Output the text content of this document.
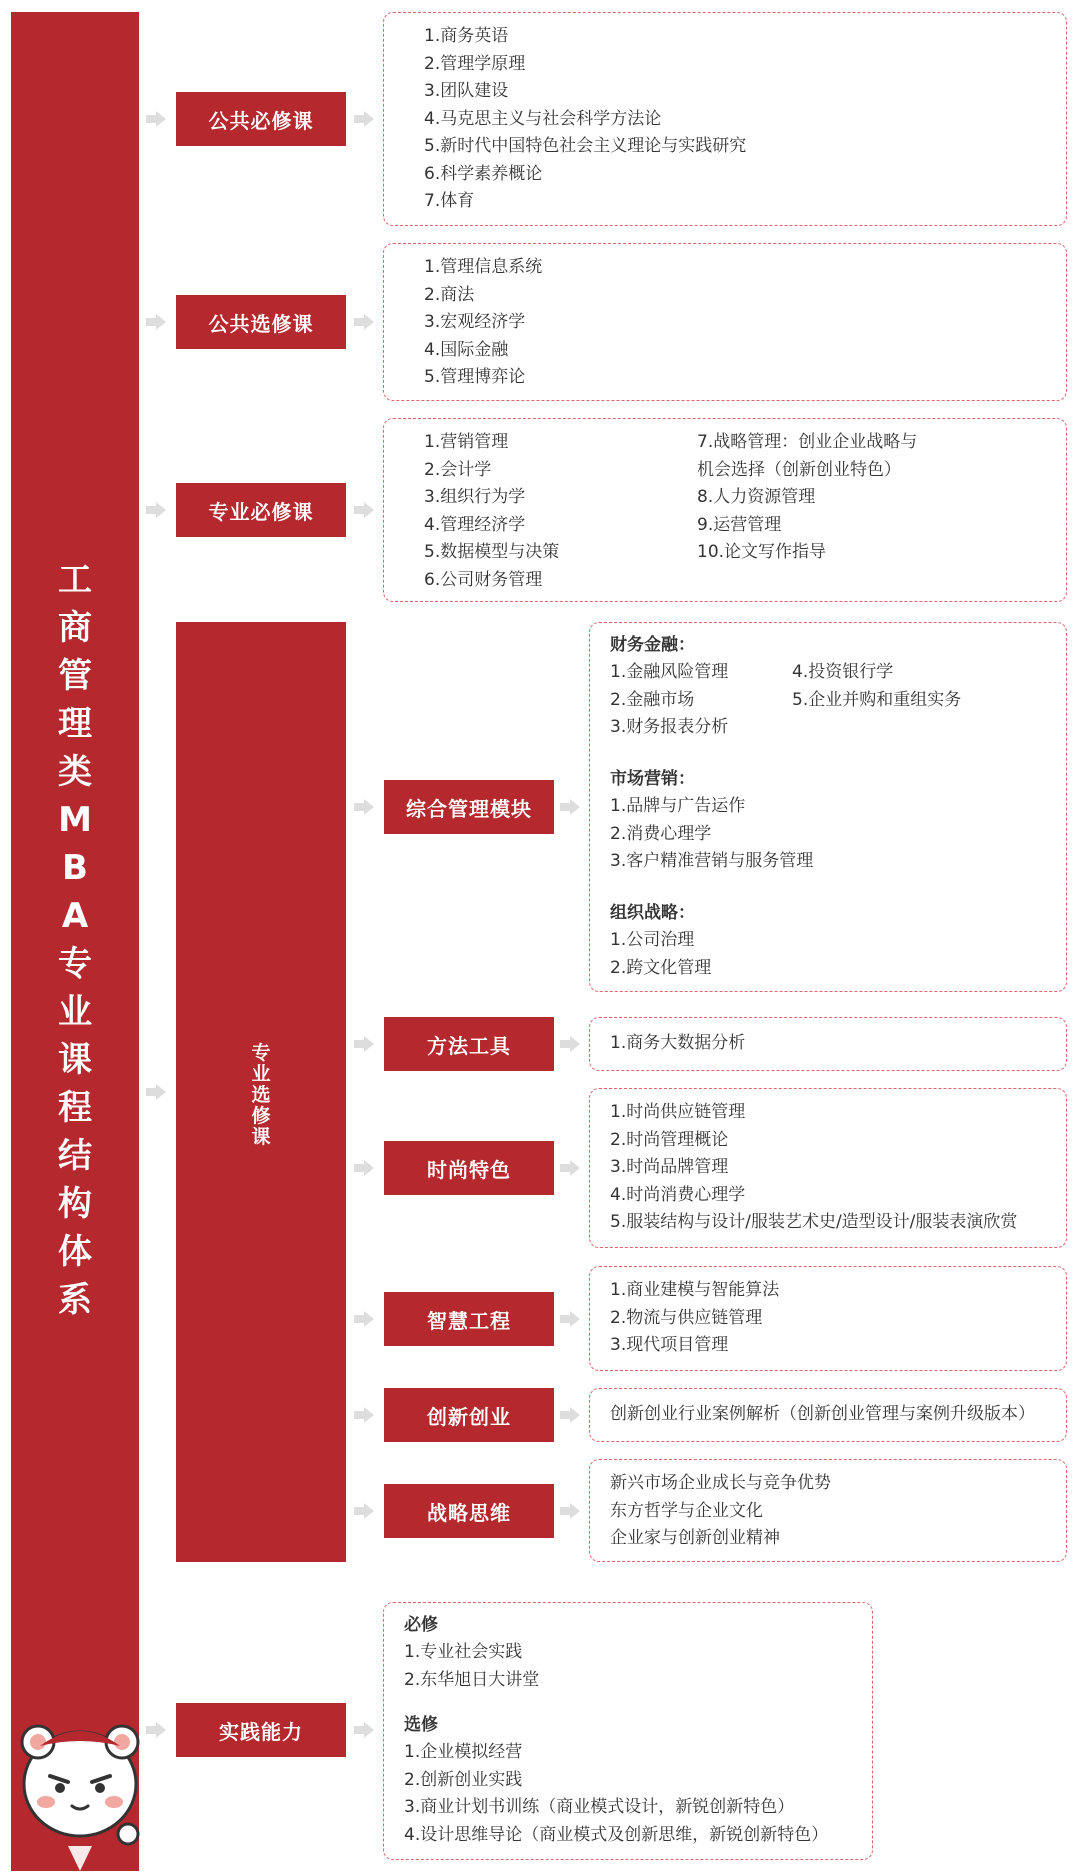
工
商
管
理
类
M
B
A
专
业
课
程
结
构
体
系
公共必修课
1.商务英语
2.管理学原理
3.团队建设
4.马克思主义与社会科学方法论
5.新时代中国特色社会主义理论与实践研究
6.科学素养概论
7.体育
公共选修课
1.管理信息系统
2.商法
3.宏观经济学
4.国际金融
5.管理博弈论
专业必修课
1.营销管理
2.会计学
3.组织行为学
4.管理经济学
5.数据模型与决策
6.公司财务管理
7.战略管理：创业企业战略与
机会选择（创新创业特色）
8.人力资源管理
9.运营管理
10.论文写作指导
专
业
选
修
课
综合管理模块
财务金融：
1.金融风险管理
2.金融市场
3.财务报表分析
4.投资银行学
5.企业并购和重组实务
市场营销：
1.品牌与广告运作
2.消费心理学
3.客户精准营销与服务管理
组织战略：
1.公司治理
2.跨文化管理
方法工具	1.商务大数据分析
时尚特色
1.时尚供应链管理
2.时尚管理概论
3.时尚品牌管理
4.时尚消费心理学
5.服装结构与设计/服装艺术史/造型设计/服装表演欣赏
智慧工程
1.商业建模与智能算法
2.物流与供应链管理
3.现代项目管理
创新创业	创新创业行业案例解析（创新创业管理与案例升级版本）
战略思维
新兴市场企业成长与竞争优势
东方哲学与企业文化
企业家与创新创业精神
实践能力
必修
1.专业社会实践
2.东华旭日大讲堂
选修
1.企业模拟经营
2.创新创业实践
3.商业计划书训练（商业模式设计，新锐创新特色）
4.设计思维导论（商业模式及创新思维，新锐创新特色）
